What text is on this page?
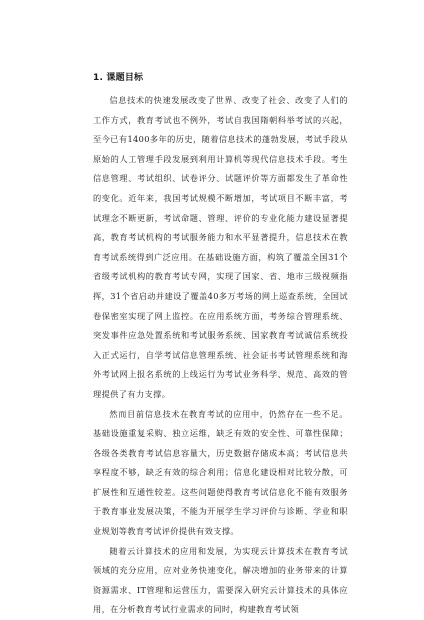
1. 课题目标

信息技术的快速发展改变了世界、改变了社会、改变了人们的工作方式，教育考试也不例外，考试自我国隋朝科举考试的兴起，至今已有1400多年的历史，随着信息技术的蓬勃发展，考试手段从原始的人工管理手段发展到利用计算机等现代信息技术手段。考生信息管理、考试组织、试卷评分、试题评价等方面都发生了革命性的变化。近年来，我国考试规模不断增加，考试项目不断丰富，考试理念不断更新，考试命题、管理、评价的专业化能力建设显著提高，教育考试机构的考试服务能力和水平显著提升，信息技术在教育考试系统得到广泛应用。在基础设施方面，构筑了覆盖全国31个省级考试机构的教育考试专网，实现了国家、省、地市三级视频指挥，31个省启动并建设了覆盖40多万考场的网上巡查系统，全国试卷保密室实现了网上监控。在应用系统方面，考务综合管理系统、突发事件应急处置系统和考试服务系统、国家教育考试诚信系统投入正式运行，自学考试信息管理系统、社会证书考试管理系统和海外考试网上报名系统的上线运行为考试业务科学、规范、高效的管理提供了有力支撑。

然而目前信息技术在教育考试的应用中，仍然存在一些不足。基础设施重复采购、独立运维，缺乏有效的安全性、可靠性保障；各级各类教育考试信息容量大，历史数据存储成本高；考试信息共享程度不够，缺乏有效的综合利用；信息化建设相对比较分散，可扩展性和互通性较差。这些问题使得教育考试信息化不能有效服务于教育事业发展决策，不能为开展学生学习评价与诊断、学业和职业规划等教育考试评价提供有效支撑。

随着云计算技术的应用和发展，为实现云计算技术在教育考试领域的充分应用，应对业务快速变化，解决增加的业务带来的计算资源需求、IT管理和运营压力，需要深入研究云计算技术的具体应用，在分析教育考试行业需求的同时，构建教育考试领
